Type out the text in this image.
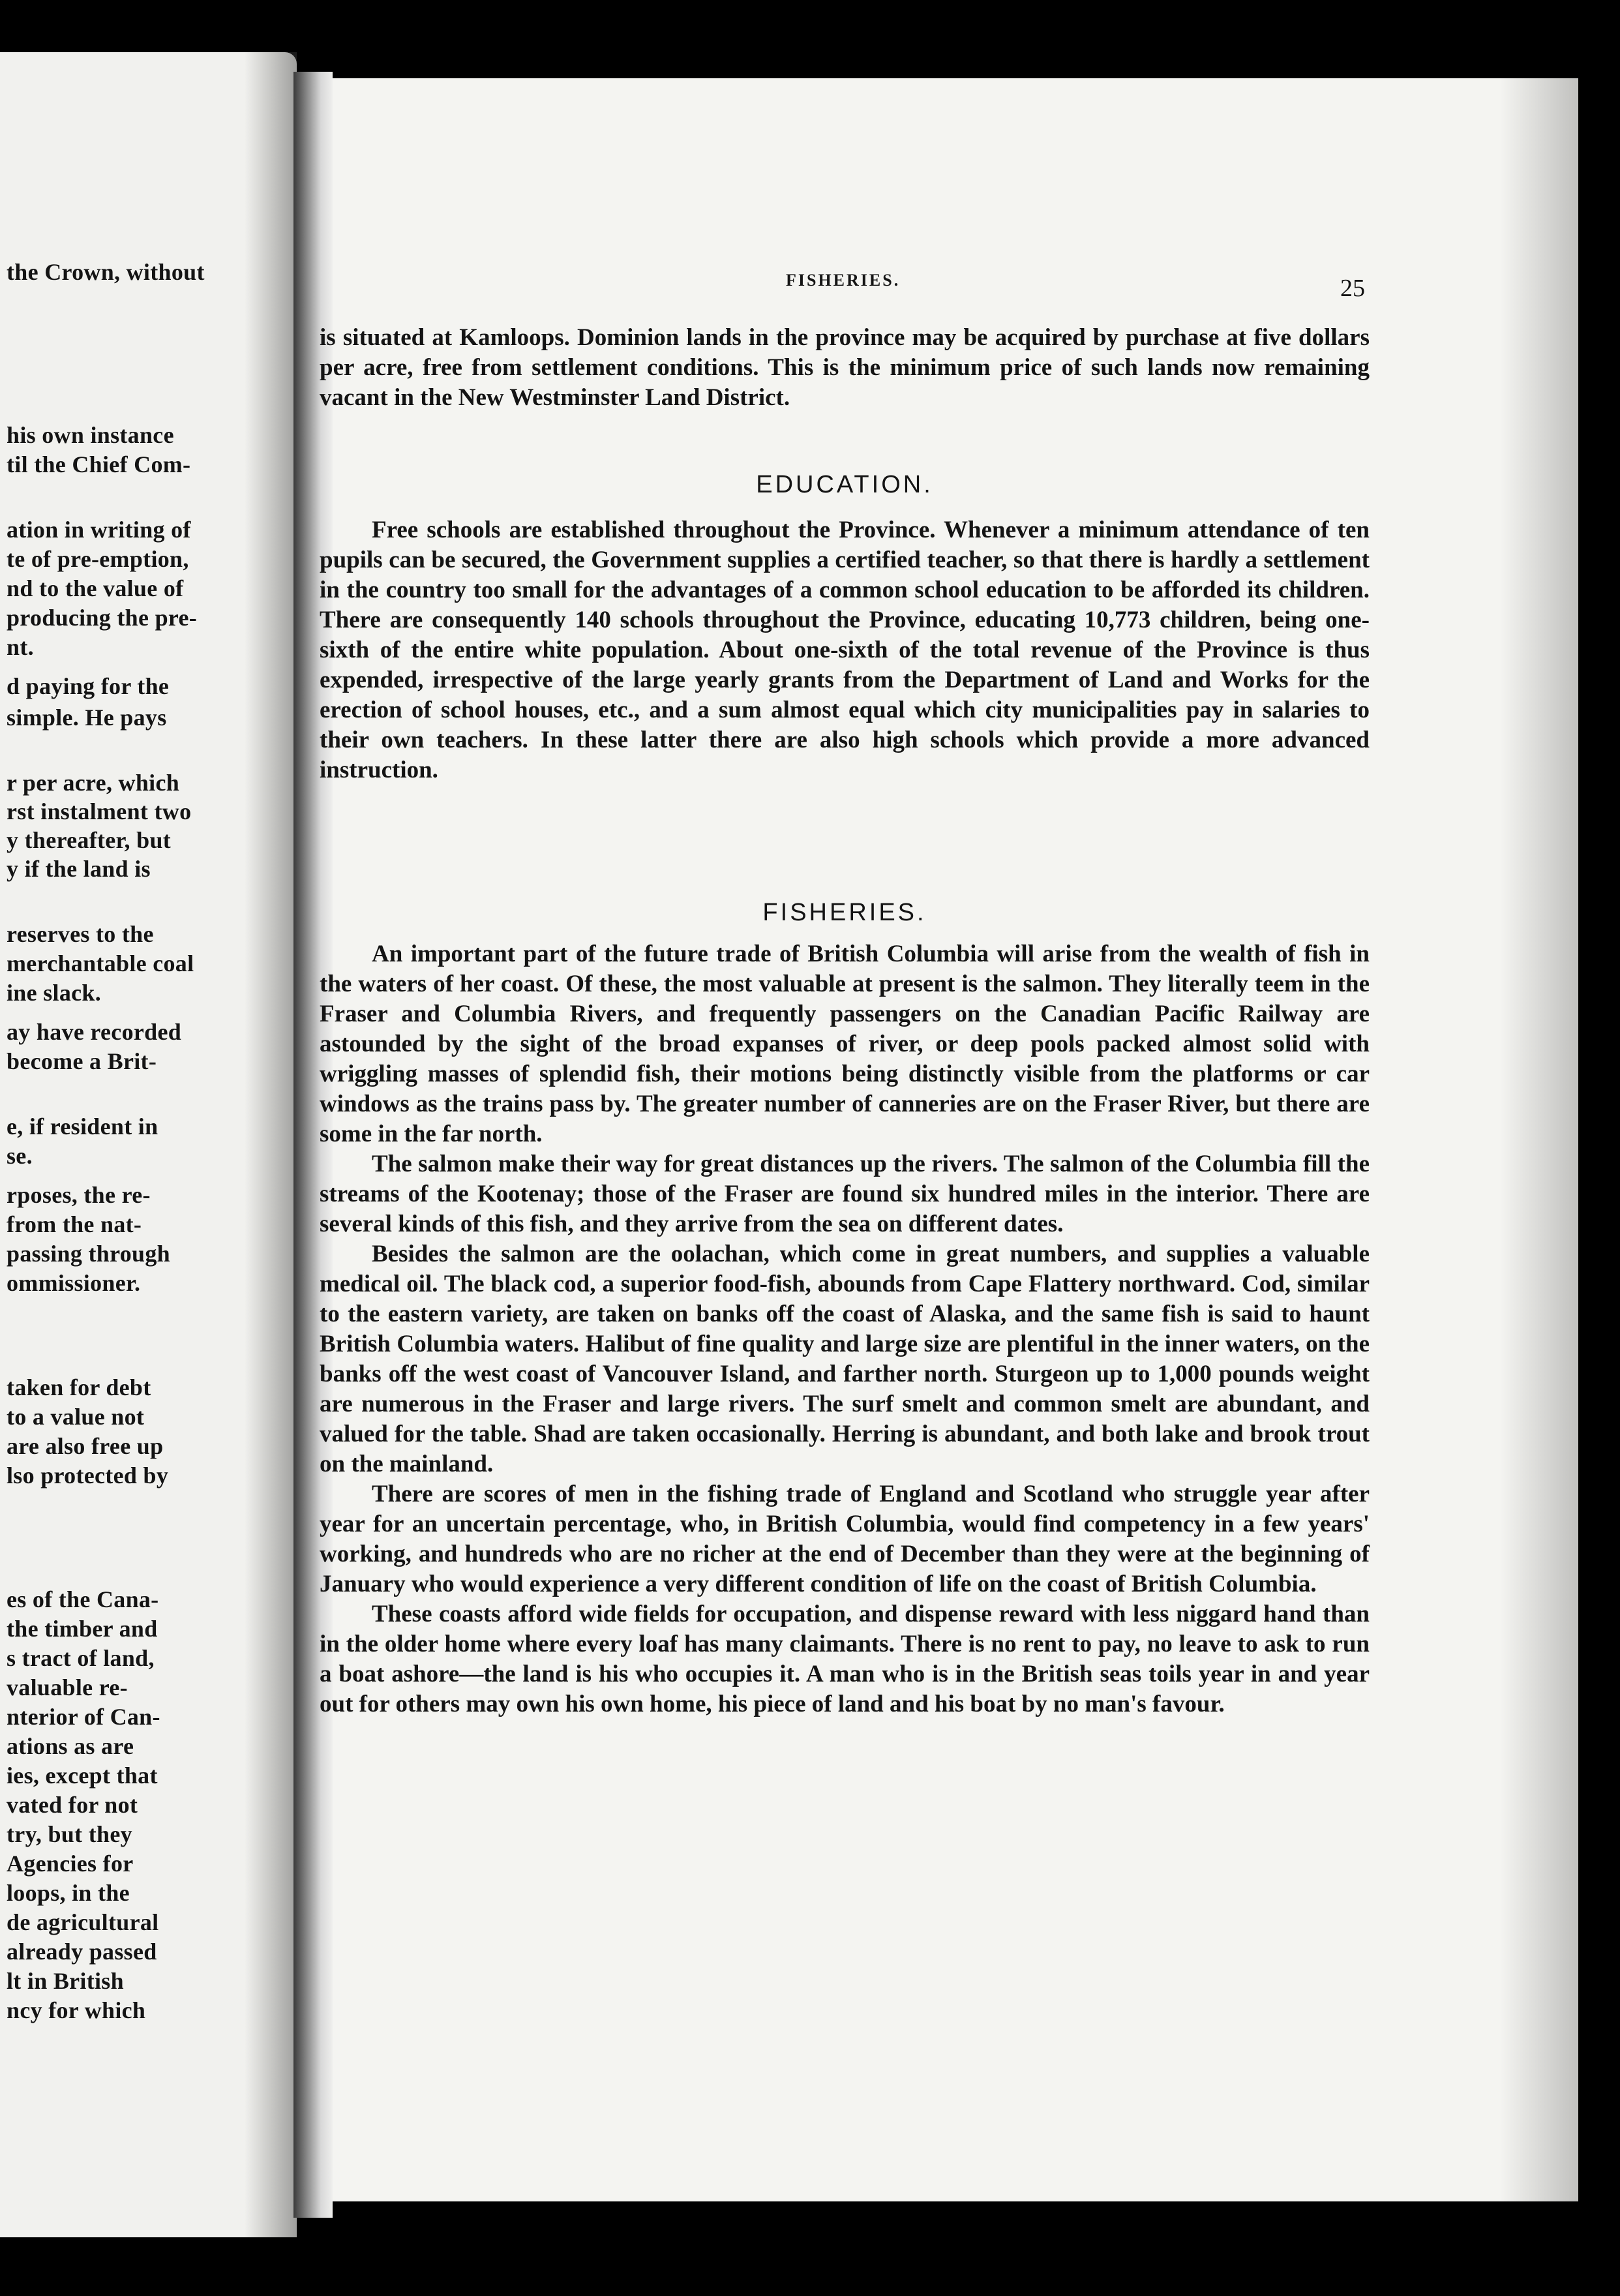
the Crown, without
his own instance
til the Chief Com-
ation in writing of
te of pre-emption,
nd to the value of
producing the pre-
nt.
d paying for the
simple. He pays
r per acre, which
rst instalment two
y thereafter, but
y if the land is
reserves to the
merchantable coal
ine slack.
ay have recorded
become a Brit-
e, if resident in
se.
rposes, the re-
from the nat-
passing through
ommissioner.
taken for debt
to a value not
are also free up
lso protected by
es of the Cana-
the timber and
s tract of land,
valuable re-
nterior of Can-
ations as are
ies, except that
vated for not
try, but they
Agencies for
loops, in the
de agricultural
already passed
lt in British
ncy for which
FISHERIES.	25

is situated at Kamloops. Dominion lands in the province may be acquired by purchase at five dollars per acre, free from settlement conditions. This is the minimum price of such lands now remaining vacant in the New Westminster Land District.

EDUCATION.

Free schools are established throughout the Province. Whenever a minimum attendance of ten pupils can be secured, the Government supplies a certified teacher, so that there is hardly a settlement in the country too small for the advantages of a common school education to be afforded its children. There are consequently 140 schools throughout the Province, educating 10,773 children, being one-sixth of the entire white population. About one-sixth of the total revenue of the Province is thus expended, irrespective of the large yearly grants from the Department of Land and Works for the erection of school houses, etc., and a sum almost equal which city municipalities pay in salaries to their own teachers. In these latter there are also high schools which provide a more advanced instruction.

FISHERIES.

An important part of the future trade of British Columbia will arise from the wealth of fish in the waters of her coast. Of these, the most valuable at present is the salmon. They literally teem in the Fraser and Columbia Rivers, and frequently passengers on the Canadian Pacific Railway are astounded by the sight of the broad expanses of river, or deep pools packed almost solid with wriggling masses of splendid fish, their motions being distinctly visible from the platforms or car windows as the trains pass by. The greater number of canneries are on the Fraser River, but there are some in the far north.

The salmon make their way for great distances up the rivers. The salmon of the Columbia fill the streams of the Kootenay; those of the Fraser are found six hundred miles in the interior. There are several kinds of this fish, and they arrive from the sea on different dates.

Besides the salmon are the oolachan, which come in great numbers, and supplies a valuable medical oil. The black cod, a superior food-fish, abounds from Cape Flattery northward. Cod, similar to the eastern variety, are taken on banks off the coast of Alaska, and the same fish is said to haunt British Columbia waters. Halibut of fine quality and large size are plentiful in the inner waters, on the banks off the west coast of Vancouver Island, and farther north. Sturgeon up to 1,000 pounds weight are numerous in the Fraser and large rivers. The surf smelt and common smelt are abundant, and valued for the table. Shad are taken occasionally. Herring is abundant, and both lake and brook trout on the mainland.

There are scores of men in the fishing trade of England and Scotland who struggle year after year for an uncertain percentage, who, in British Columbia, would find competency in a few years' working, and hundreds who are no richer at the end of December than they were at the beginning of January who would experience a very different condition of life on the coast of British Columbia.

These coasts afford wide fields for occupation, and dispense reward with less niggard hand than in the older home where every loaf has many claimants. There is no rent to pay, no leave to ask to run a boat ashore—the land is his who occupies it. A man who is in the British seas toils year in and year out for others may own his own home, his piece of land and his boat by no man's favour.
